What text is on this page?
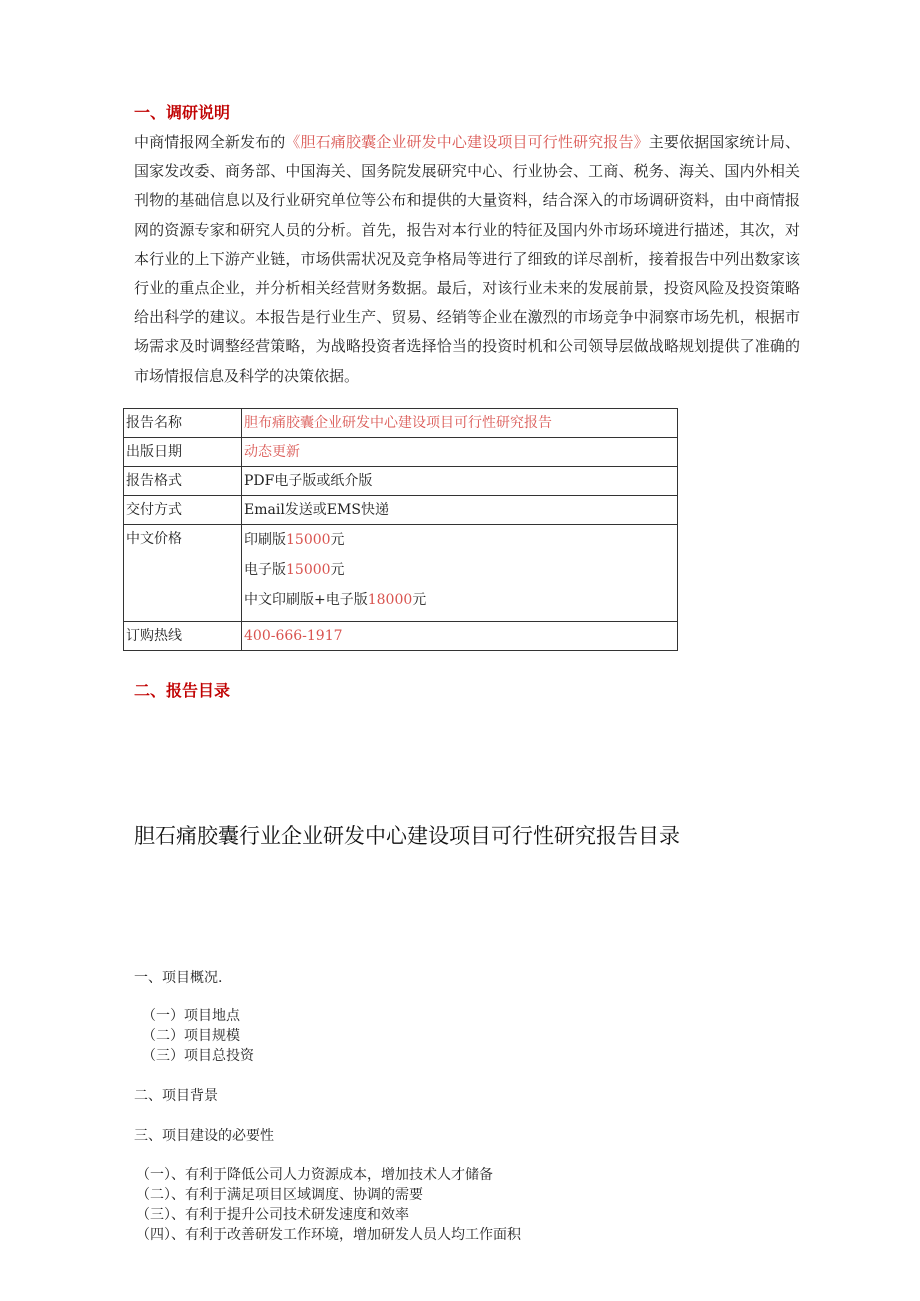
一、调研说明
中商情报网全新发布的《胆石痛胶囊企业研发中心建设项目可行性研究报告》主要依据国家统计局、国家发改委、商务部、中国海关、国务院发展研究中心、行业协会、工商、税务、海关、国内外相关刊物的基础信息以及行业研究单位等公布和提供的大量资料，结合深入的市场调研资料，由中商情报网的资源专家和研究人员的分析。首先，报告对本行业的特征及国内外市场环境进行描述，其次，对本行业的上下游产业链，市场供需状况及竞争格局等进行了细致的详尽剖析，接着报告中列出数家该行业的重点企业，并分析相关经营财务数据。最后，对该行业未来的发展前景，投资风险及投资策略给出科学的建议。本报告是行业生产、贸易、经销等企业在激烈的市场竞争中洞察市场先机，根据市场需求及时调整经营策略，为战略投资者选择恰当的投资时机和公司领导层做战略规划提供了准确的市场情报信息及科学的决策依据。
报告名称	胆布痛胶囊企业研发中心建设项目可行性研究报告
出版日期	动态更新
报告格式	PDF电子版或纸介版
交付方式	Email发送或EMS快递
中文价格	印刷版15000元
电子版15000元
中文印刷版+电子版18000元

订购热线	400-666-1917
二、报告目录
胆石痛胶囊行业企业研发中心建设项目可行性研究报告目录
一、项目概况.
（一）项目地点
（二）项目规模
（三）项目总投资
二、项目背景
三、项目建设的必要性
（一）、有利于降低公司人力资源成本，增加技术人才储备
（二）、有利于满足项目区域调度、协调的需要
（三）、有利于提升公司技术研发速度和效率
（四）、有利于改善研发工作环境，增加研发人员人均工作面积
